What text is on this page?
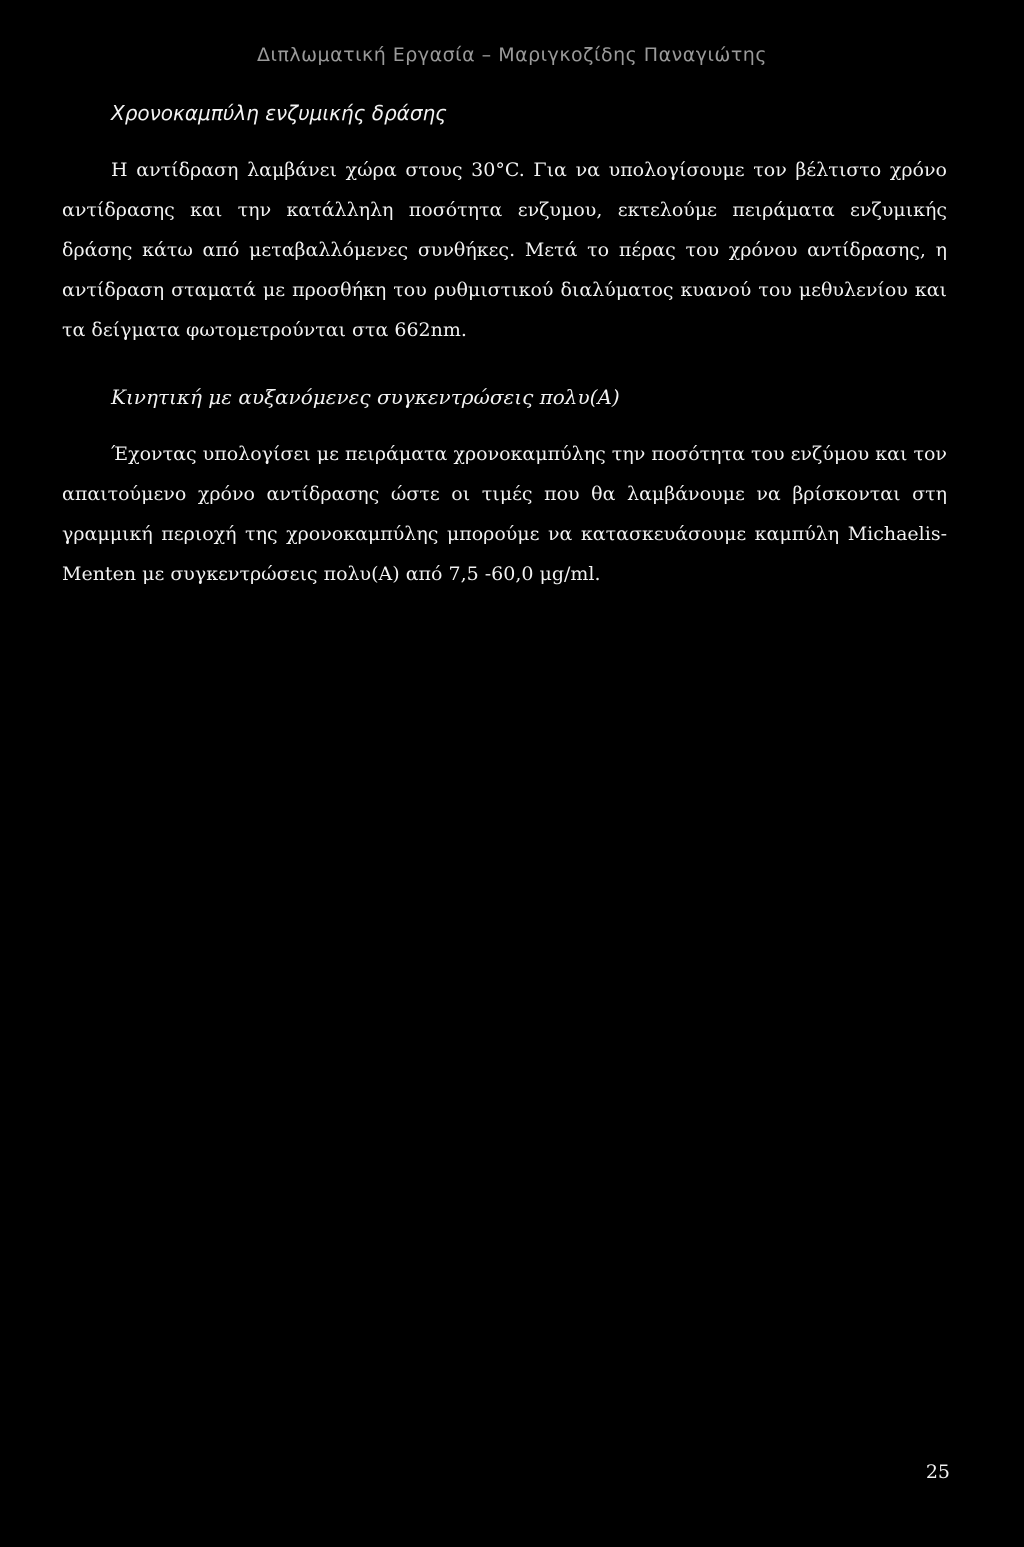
Διπλωματική Εργασία – Μαριγκοζίδης Παναγιώτης
Χρονοκαμπύλη ενζυμικής δράσης

Η αντίδραση λαμβάνει χώρα στους 30°C. Για να υπολογίσουμε τον βέλτιστο χρόνο αντίδρασης και την κατάλληλη ποσότητα ενζυμου, εκτελούμε πειράματα ενζυμικής δράσης κάτω από μεταβαλλόμενες συνθήκες. Μετά το πέρας του χρόνου αντίδρασης, η αντίδραση σταματά με προσθήκη του ρυθμιστικού διαλύματος κυανού του μεθυλενίου και τα δείγματα φωτομετρούνται στα 662nm.

Κινητική με αυξανόμενες συγκεντρώσεις πολυ(Α)

Έχοντας υπολογίσει με πειράματα χρονοκαμπύλης την ποσότητα του ενζύμου και τον απαιτούμενο χρόνο αντίδρασης ώστε οι τιμές που θα λαμβάνουμε να βρίσκονται στη γραμμική περιοχή της χρονοκαμπύλης μπορούμε να κατασκευάσουμε καμπύλη Michaelis-Menten με συγκεντρώσεις πολυ(Α) από 7,5 -60,0 μg/ml.

25
